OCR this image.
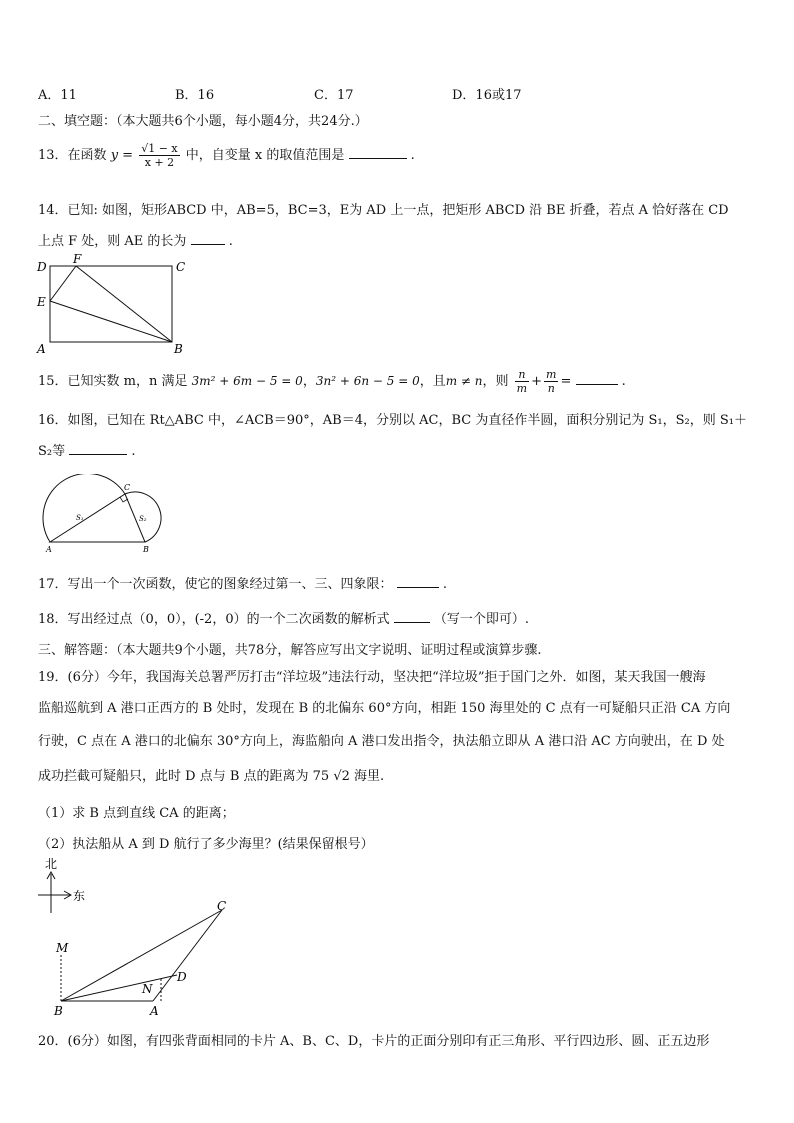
A．11	B．16	C．17	D．16或17
二、填空题：（本大题共6个小题，每小题4分，共24分.）
13．在函数 $y = \frac{√1 - x}{x + 2}$ 中，自变量 x 的取值范围是	.
14．已知: 如图，矩形ABCD 中，AB=5，BC=3，E为 AD 上一点，把矩形 ABCD 沿 BE 折叠，若点 A 恰好落在 CD
上点 F 处，则 AE 的长为	.
D
F
C
E
A	B
15．已知实数 m，n 满足 3m² + 6m − 5 = 0，3n² + 6n − 5 = 0，且m ≠ n，则 $\frac{n}{m} + \frac{m}{n}$ =	.
16．如图，已知在 Rt△ABC 中，∠ACB＝90°，AB＝4，分别以 AC，BC 为直径作半圆，面积分别记为 S₁，S₂，则 S₁＋
S₂等	.
C
A	B
S₁	S₂
17．写出一个一次函数，使它的图象经过第一、三、四象限：	.
18．写出经过点（0，0），(-2，0）的一个二次函数的解析式	（写一个即可）.
三、解答题：（本大题共9个小题，共78分，解答应写出文字说明、证明过程或演算步骤.
19．(6分）今年，我国海关总署严厉打击“洋垃圾”违法行动，坚决把“洋垃圾”拒于国门之外．如图，某天我国一艘海
监船巡航到 A 港口正西方的 B 处时，发现在 B 的北偏东 60°方向，相距 150 海里处的 C 点有一可疑船只正沿 CA 方向
行驶，C 点在 A 港口的北偏东 30°方向上，海监船向 A 港口发出指令，执法船立即从 A 港口沿 AC 方向驶出，在 D 处
成功拦截可疑船只，此时 D 点与 B 点的距离为 75 √2 海里.
（1）求 B 点到直线 CA 的距离；
（2）执法船从 A 到 D 航行了多少海里？(结果保留根号）
北
东
C
M
D
N
B	A
20．(6分）如图，有四张背面相同的卡片 A、B、C、D，卡片的正面分别印有正三角形、平行四边形、圆、正五边形
